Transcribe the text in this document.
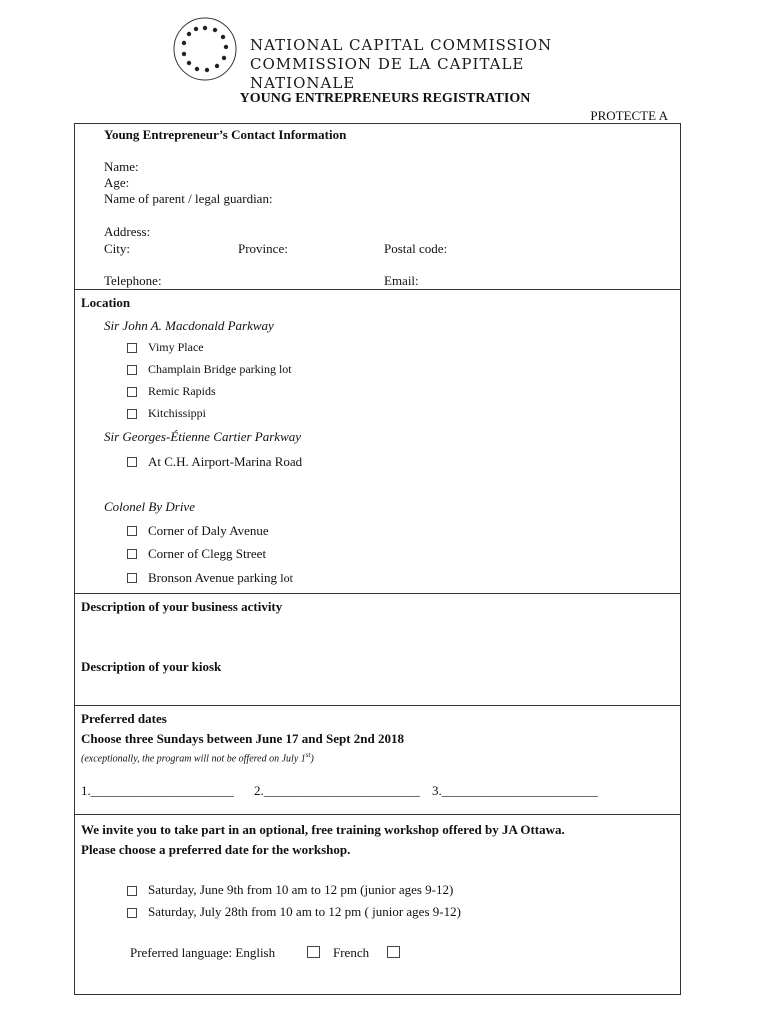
NATIONAL CAPITAL COMMISSION
COMMISSION DE LA CAPITALE NATIONALE
YOUNG ENTREPRENEURS REGISTRATION
PROTECTE A
Young Entrepreneur’s Contact Information
Name:
Age:
Name of parent / legal guardian:
Address:
City:	Province:	Postal code:
Telephone:	Email:
Location
Sir John A. Macdonald Parkway
Vimy Place
Champlain Bridge parking lot
Remic Rapids
Kitchissippi
Sir Georges-Étienne Cartier Parkway
At C.H. Airport-Marina Road
Colonel By Drive
Corner of Daly Avenue
Corner of Clegg Street
Bronson Avenue parking lot
Description of your business activity
Description of your kiosk
Preferred dates
Choose three Sundays between June 17 and Sept 2nd 2018
(exceptionally, the program will not be offered on July 1st)
1.______________________ 2.________________________ 3.________________________
We invite you to take part in an optional, free training workshop offered by JA Ottawa.
Please choose a preferred date for the workshop.
Saturday, June 9th from 10 am to 12 pm (junior ages 9-12)
Saturday, July 28th from 10 am to 12 pm ( junior ages 9-12)
Preferred language: English	French
